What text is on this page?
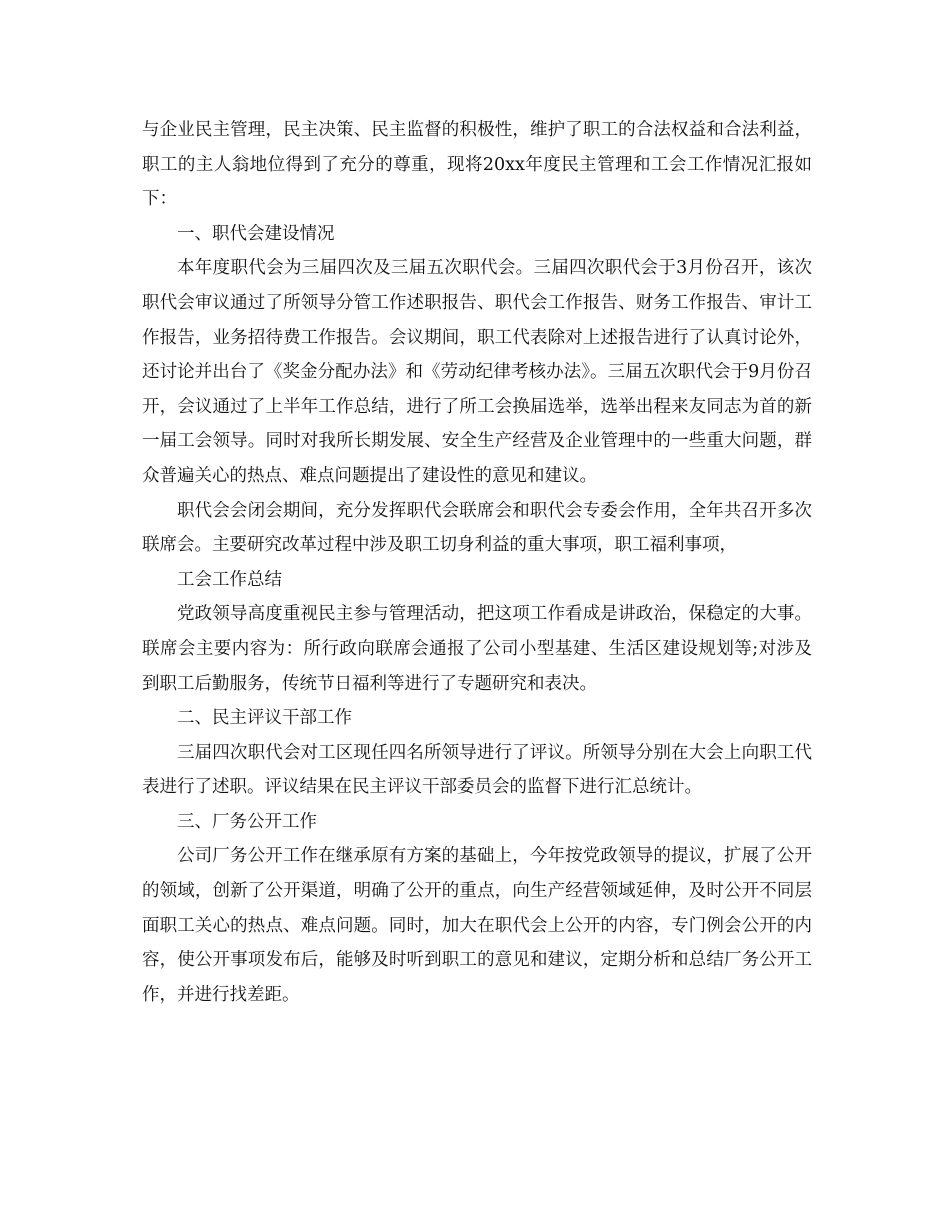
与企业民主管理，民主决策、民主监督的积极性，维护了职工的合法权益和合法利益，职工的主人翁地位得到了充分的尊重，现将20xx年度民主管理和工会工作情况汇报如下：

一、职代会建设情况

本年度职代会为三届四次及三届五次职代会。三届四次职代会于3月份召开，该次职代会审议通过了所领导分管工作述职报告、职代会工作报告、财务工作报告、审计工作报告，业务招待费工作报告。会议期间，职工代表除对上述报告进行了认真讨论外，还讨论并出台了《奖金分配办法》和《劳动纪律考核办法》。三届五次职代会于9月份召开，会议通过了上半年工作总结，进行了所工会换届选举，选举出程来友同志为首的新一届工会领导。同时对我所长期发展、安全生产经营及企业管理中的一些重大问题，群众普遍关心的热点、难点问题提出了建设性的意见和建议。

职代会会闭会期间，充分发挥职代会联席会和职代会专委会作用，全年共召开多次联席会。主要研究改革过程中涉及职工切身利益的重大事项，职工福利事项，

工会工作总结

党政领导高度重视民主参与管理活动，把这项工作看成是讲政治，保稳定的大事。联席会主要内容为：所行政向联席会通报了公司小型基建、生活区建设规划等;对涉及到职工后勤服务，传统节日福利等进行了专题研究和表决。

二、民主评议干部工作

三届四次职代会对工区现任四名所领导进行了评议。所领导分别在大会上向职工代表进行了述职。评议结果在民主评议干部委员会的监督下进行汇总统计。

三、厂务公开工作

公司厂务公开工作在继承原有方案的基础上，今年按党政领导的提议，扩展了公开的领域，创新了公开渠道，明确了公开的重点，向生产经营领域延伸，及时公开不同层面职工关心的热点、难点问题。同时，加大在职代会上公开的内容，专门例会公开的内容，使公开事项发布后，能够及时听到职工的意见和建议，定期分析和总结厂务公开工作，并进行找差距。
